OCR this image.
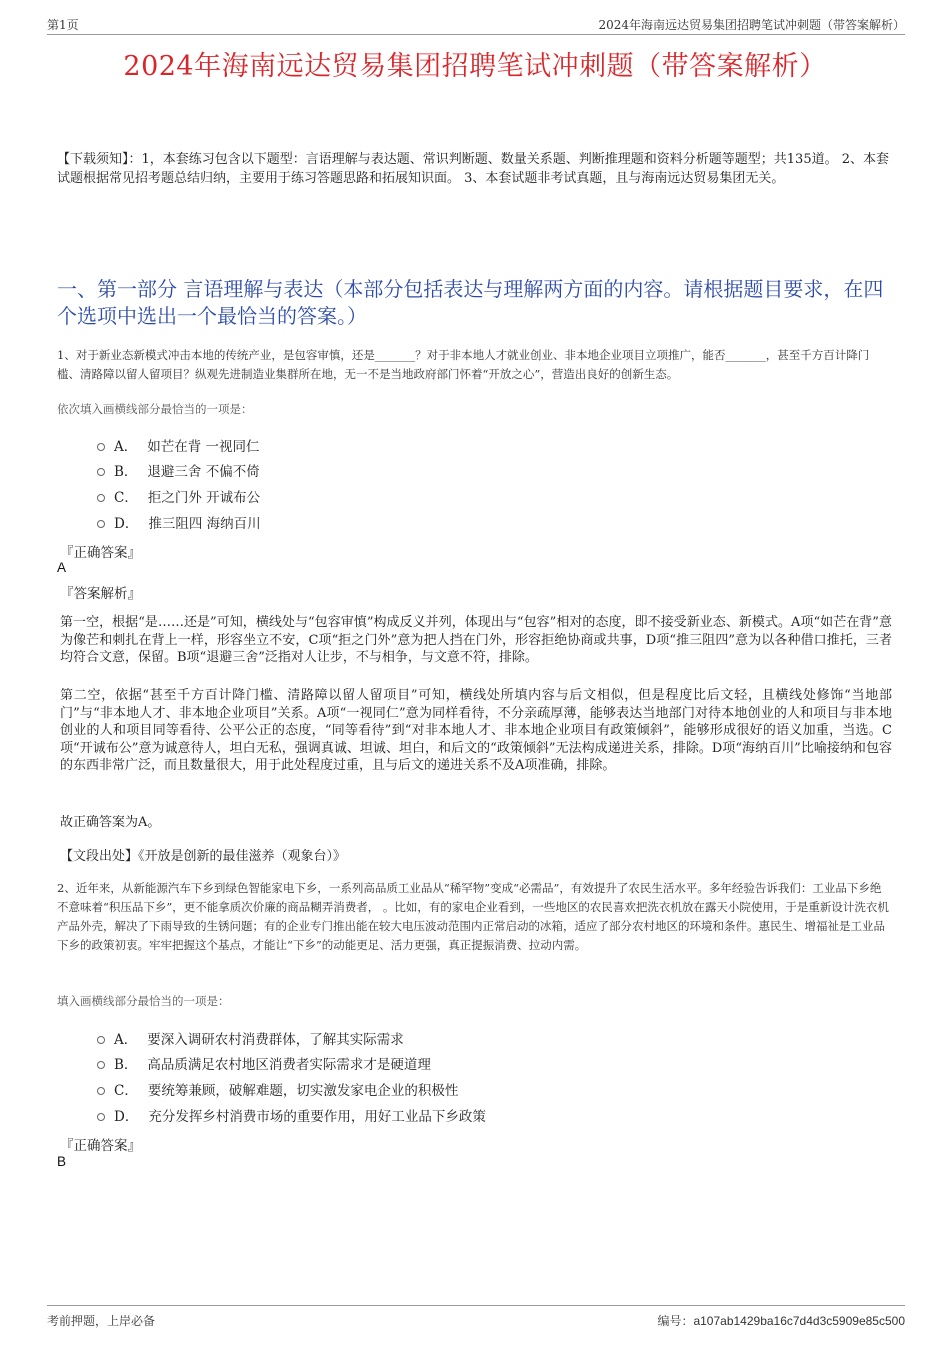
第1页	2024年海南远达贸易集团招聘笔试冲刺题（带答案解析）
2024年海南远达贸易集团招聘笔试冲刺题（带答案解析）
【下载须知】：1，本套练习包含以下题型：言语理解与表达题、常识判断题、数量关系题、判断推理题和资料分析题等题型；共135道。 2、本套试题根据常见招考题总结归纳，主要用于练习答题思路和拓展知识面。 3、本套试题非考试真题，且与海南远达贸易集团无关。
一、第一部分 言语理解与表达（本部分包括表达与理解两方面的内容。请根据题目要求，在四个选项中选出一个最恰当的答案。）
1、对于新业态新模式冲击本地的传统产业，是包容审慎，还是_______？对于非本地人才就业创业、非本地企业项目立项推广，能否_______，甚至千方百计降门槛、清路障以留人留项目？纵观先进制造业集群所在地，无一不是当地政府部门怀着“开放之心”，营造出良好的创新生态。
依次填入画横线部分最恰当的一项是：
A． 如芒在背 一视同仁
B． 退避三舍 不偏不倚
C． 拒之门外 开诚布公
D． 推三阻四 海纳百川
『正确答案』
A
『答案解析』
第一空，根据“是……还是”可知，横线处与“包容审慎”构成反义并列，体现出与“包容”相对的态度，即不接受新业态、新模式。A项“如芒在背”意为像芒和刺扎在背上一样，形容坐立不安，C项“拒之门外”意为把人挡在门外，形容拒绝协商或共事，D项“推三阻四”意为以各种借口推托，三者均符合文意，保留。B项“退避三舍”泛指对人让步，不与相争，与文意不符，排除。
第二空，依据“甚至千方百计降门槛、清路障以留人留项目”可知，横线处所填内容与后文相似，但是程度比后文轻，且横线处修饰“当地部门”与“非本地人才、非本地企业项目”关系。A项“一视同仁”意为同样看待，不分亲疏厚薄，能够表达当地部门对待本地创业的人和项目与非本地创业的人和项目同等看待、公平公正的态度，“同等看待”到“对非本地人才、非本地企业项目有政策倾斜”，能够形成很好的语义加重，当选。C项“开诚布公”意为诚意待人，坦白无私，强调真诚、坦诚、坦白，和后文的“政策倾斜”无法构成递进关系，排除。D项“海纳百川”比喻接纳和包容的东西非常广泛，而且数量很大，用于此处程度过重，且与后文的递进关系不及A项准确，排除。
故正确答案为A。
【文段出处】《开放是创新的最佳滋养（观象台）》
2、近年来，从新能源汽车下乡到绿色智能家电下乡，一系列高品质工业品从“稀罕物”变成“必需品”，有效提升了农民生活水平。多年经验告诉我们：工业品下乡绝不意味着“积压品下乡”，更不能拿质次价廉的商品糊弄消费者， 。比如，有的家电企业看到，一些地区的农民喜欢把洗衣机放在露天小院使用，于是重新设计洗衣机产品外壳，解决了下雨导致的生锈问题；有的企业专门推出能在较大电压波动范围内正常启动的冰箱，适应了部分农村地区的环境和条件。惠民生、增福祉是工业品下乡的政策初衷。牢牢把握这个基点，才能让“下乡”的动能更足、活力更强，真正提振消费、拉动内需。
填入画横线部分最恰当的一项是：
A． 要深入调研农村消费群体，了解其实际需求
B． 高品质满足农村地区消费者实际需求才是硬道理
C． 要统筹兼顾，破解难题，切实激发家电企业的积极性
D． 充分发挥乡村消费市场的重要作用，用好工业品下乡政策
『正确答案』
B
考前押题，上岸必备	编号：a107ab1429ba16c7d4d3c5909e85c500
